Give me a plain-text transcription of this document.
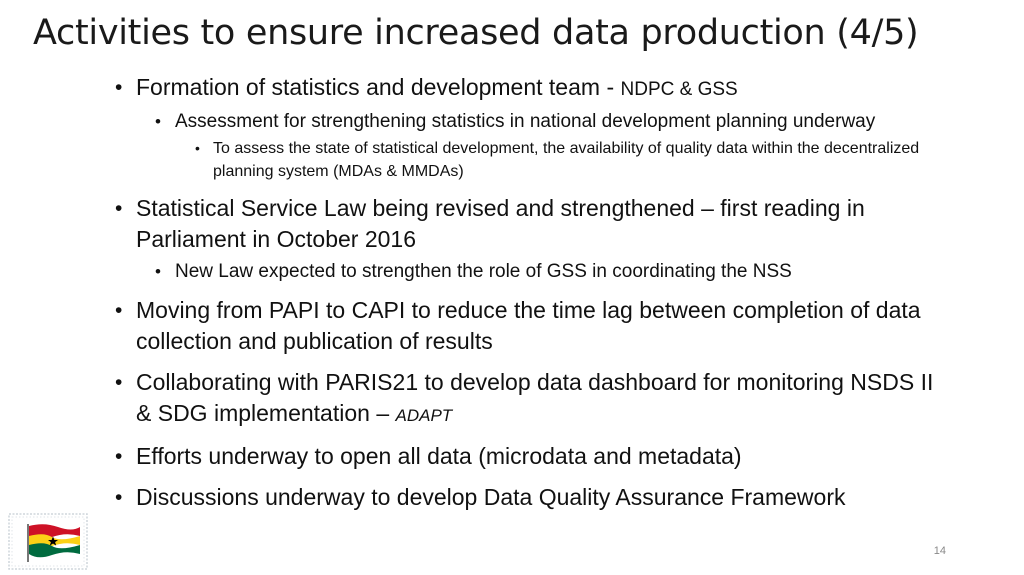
Activities to ensure increased data production (4/5)
• Formation of statistics and development team - NDPC & GSS
• Assessment for strengthening statistics in national development planning underway
• To assess the state of statistical development, the availability of quality data within the decentralized planning system (MDAs & MMDAs)
• Statistical Service Law being revised and strengthened – first reading in Parliament in October 2016
• New Law expected to strengthen the role of GSS in coordinating the NSS
• Moving from PAPI to CAPI to reduce the time lag between completion of data collection and publication of results
• Collaborating with PARIS21 to develop data dashboard for monitoring NSDS II & SDG implementation – ADAPT
• Efforts underway to open all data (microdata and metadata)
• Discussions underway to develop Data Quality Assurance Framework
14
